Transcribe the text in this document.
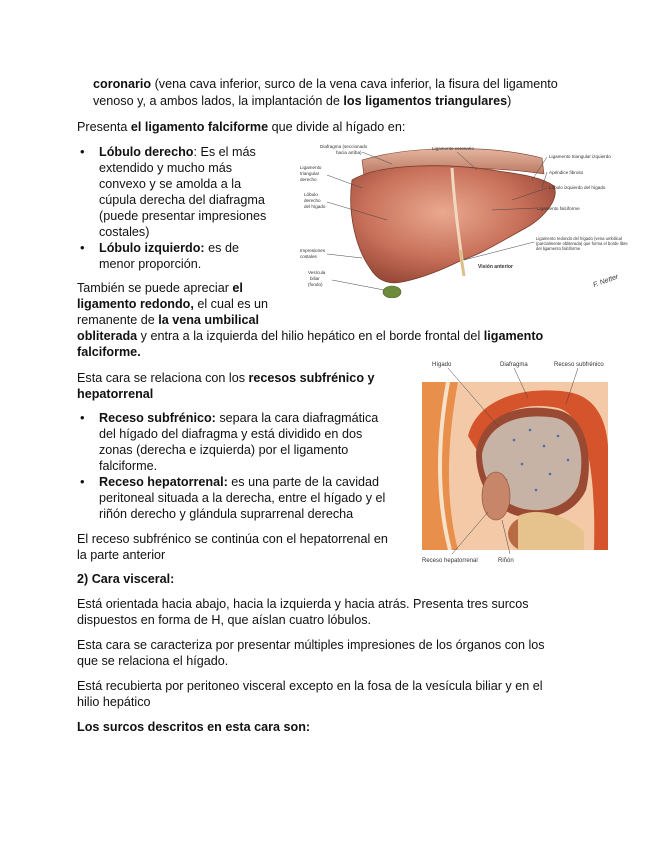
coronario (vena cava inferior, surco de la vena cava inferior, la fisura del ligamento
venoso y, a ambos lados, la implantación de los ligamentos triangulares)
Presenta el ligamento falciforme que divide al hígado en:
• Lóbulo derecho: Es el más
extendido y mucho más
convexo y se amolda a la
cúpula derecha del diafragma
(puede presentar impresiones
costales)
• Lóbulo izquierdo: es de
menor proporción.
También se puede apreciar el
ligamento redondo, el cual es un
remanente de la vena umbilical
obliterada y entra a la izquierda del hilio hepático en el borde frontal del ligamento
falciforme.
Esta cara se relaciona con los recesos subfrénico y
hepatorrenal
• Receso subfrénico: separa la cara diafragmática
del hígado del diafragma y está dividido en dos
zonas (derecha e izquierda) por el ligamento
falciforme.
• Receso hepatorrenal: es una parte de la cavidad
peritoneal situada a la derecha, entre el hígado y el
riñón derecho y glándula suprarrenal derecha
El receso subfrénico se continúa con el hepatorrenal en
la parte anterior
2) Cara visceral:
Está orientada hacia abajo, hacia la izquierda y hacia atrás. Presenta tres surcos
dispuestos en forma de H, que aíslan cuatro lóbulos.
Esta cara se caracteriza por presentar múltiples impresiones de los órganos con los
que se relaciona el hígado.
Está recubierta por peritoneo visceral excepto en la fosa de la vesícula biliar y en el
hilio hepático
Los surcos descritos en esta cara son:
Diafragma (seccionado
hacia arriba)
Ligamento coronario
Ligamento triangular izquierdo
Ligamento
triangular
derecho
Apéndice fibroso
Lóbulo izquierdo del hígado
Lóbulo
derecho
del hígado	Ligamento falciforme
Ligamento redondo del hígado (vena umbilical
(parcialmente obliterada) que forma el borde libre
del ligamento falciforme
Impresiones
costales
Vesícula
biliar
(fondo)
Visión anterior
F. Netter
Hígado	Diafragma	Receso subfrénico
Receso hepatorrenal	Riñón
